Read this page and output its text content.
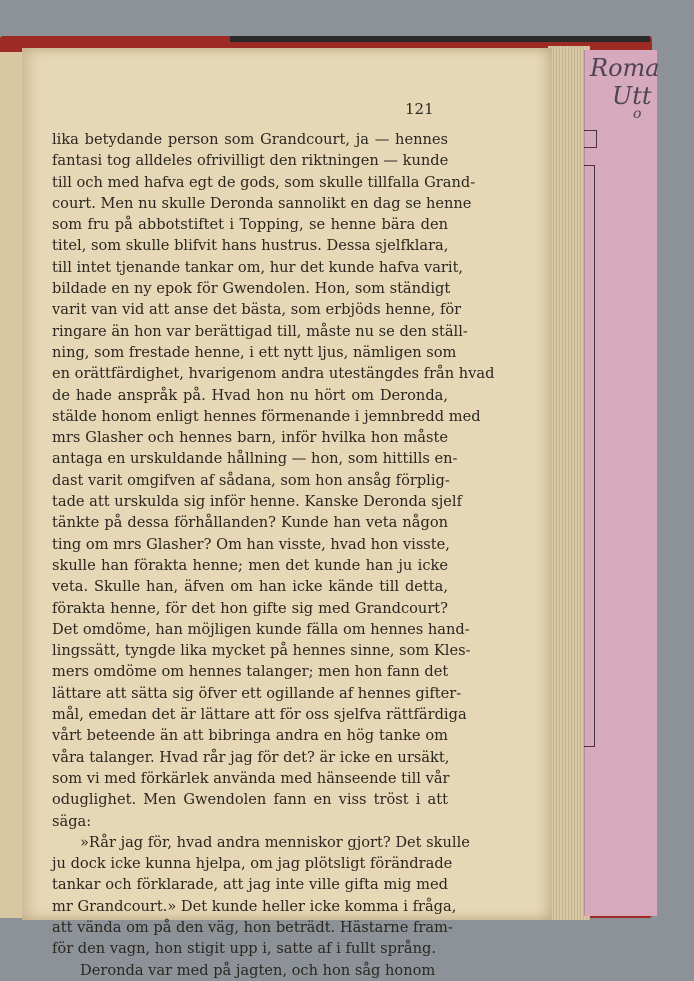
Roma
Utt
o
121
lika betydande person som Grandcourt, ja — hennes
fantasi tog alldeles ofrivilligt den riktningen — kunde
till och med hafva egt de gods, som skulle tillfalla Grand-
court. Men nu skulle Deronda sannolikt en dag se henne
som fru på abbotstiftet i Topping, se henne bära den
titel, som skulle blifvit hans hustrus. Dessa sjelfklara,
till intet tjenande tankar om, hur det kunde hafva varit,
bildade en ny epok för Gwendolen. Hon, som ständigt
varit van vid att anse det bästa, som erbjöds henne, för
ringare än hon var berättigad till, måste nu se den ställ-
ning, som frestade henne, i ett nytt ljus, nämligen som
en orättfärdighet, hvarigenom andra utestängdes från hvad
de hade anspråk på. Hvad hon nu hört om Deronda,
stälde honom enligt hennes förmenande i jemnbredd med
mrs Glasher och hennes barn, inför hvilka hon måste
antaga en urskuldande hållning — hon, som hittills en-
dast varit omgifven af sådana, som hon ansåg förplig-
tade att urskulda sig inför henne. Kanske Deronda sjelf
tänkte på dessa förhållanden? Kunde han veta någon
ting om mrs Glasher? Om han visste, hvad hon visste,
skulle han förakta henne; men det kunde han ju icke
veta. Skulle han, äfven om han icke kände till detta,
förakta henne, för det hon gifte sig med Grandcourt?
Det omdöme, han möjligen kunde fälla om hennes hand-
lingssätt, tyngde lika mycket på hennes sinne, som Kles-
mers omdöme om hennes talanger; men hon fann det
lättare att sätta sig öfver ett ogillande af hennes gifter-
mål, emedan det är lättare att för oss sjelfva rättfärdiga
vårt beteende än att bibringa andra en hög tanke om
våra talanger. Hvad rår jag för det? är icke en ursäkt,
som vi med förkärlek använda med hänseende till vår
oduglighet. Men Gwendolen fann en viss tröst i att
säga:
»Rår jag för, hvad andra menniskor gjort? Det skulle
ju dock icke kunna hjelpa, om jag plötsligt förändrade
tankar och förklarade, att jag inte ville gifta mig med
mr Grandcourt.» Det kunde heller icke komma i fråga,
att vända om på den väg, hon beträdt. Hästarne fram-
för den vagn, hon stigit upp i, satte af i fullt språng.
Deronda var med på jagten, och hon såg honom
